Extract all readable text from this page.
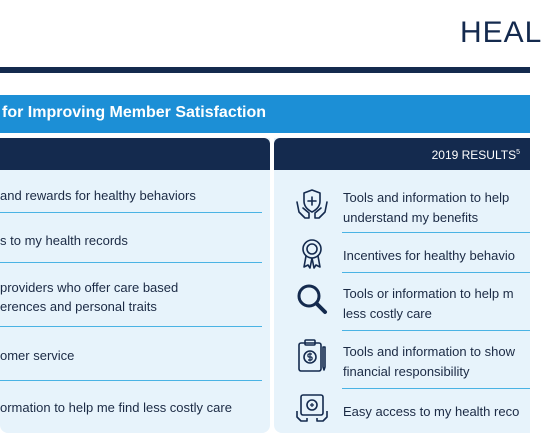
HEAL
for Improving Member Satisfaction
and rewards for healthy behaviors
s to my health records
providers who offer care based
erences and personal traits
omer service
ormation to help me find less costly care
2019 RESULTS$^5$
Tools and information to help
understand my benefits
Incentives for healthy behavio
Tools or information to help m
less costly care
Tools and information to show
financial responsibility
Easy access to my health reco
